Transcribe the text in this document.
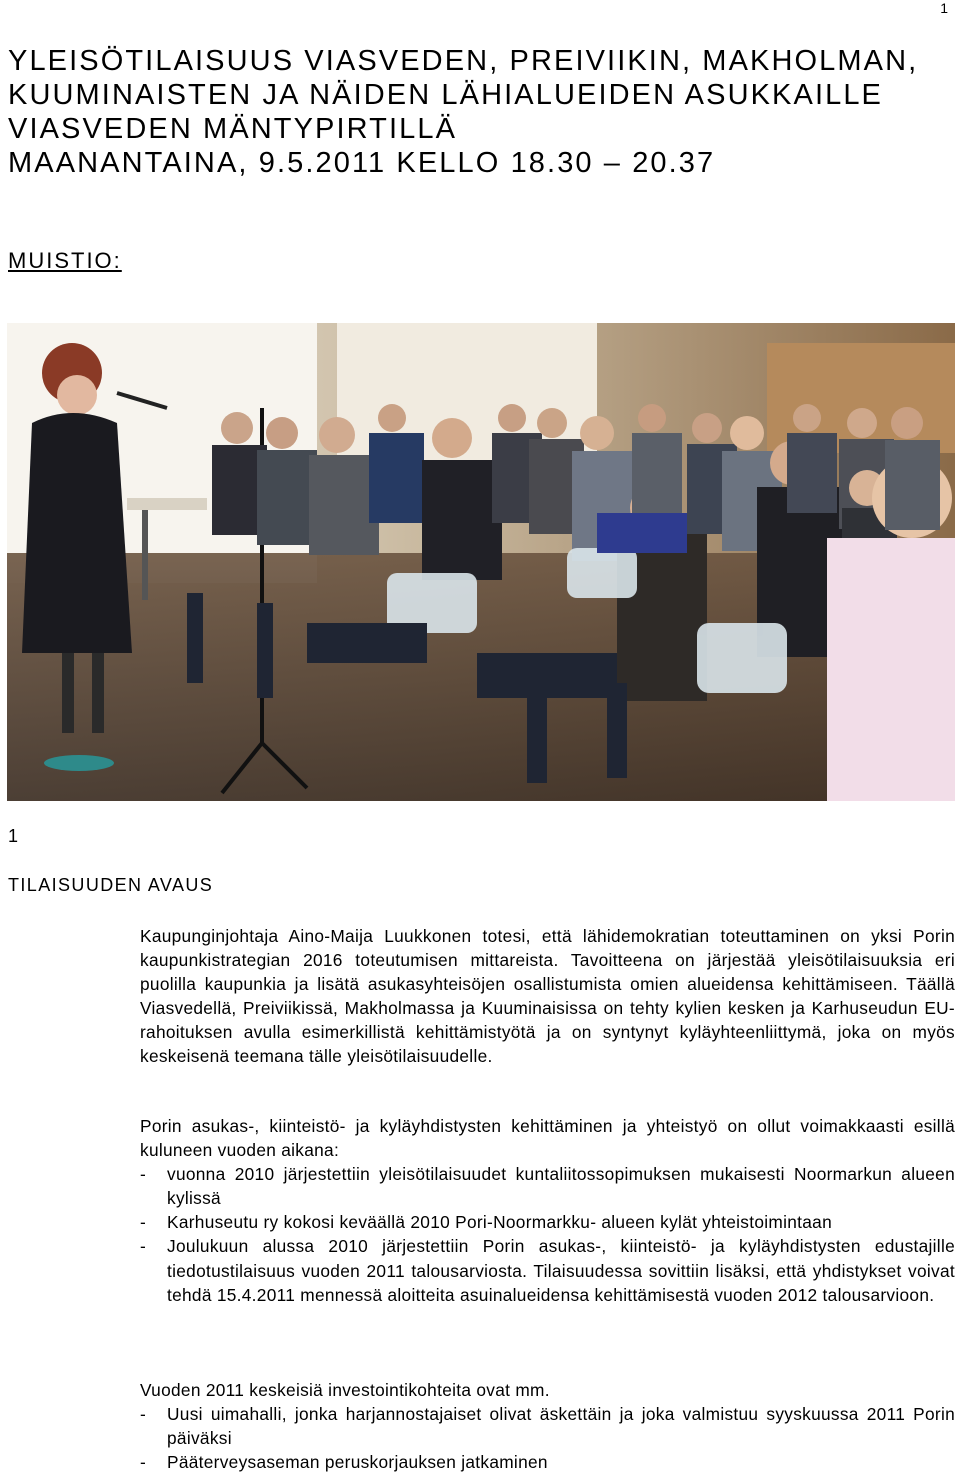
1
YLEISÖTILAISUUS VIASVEDEN, PREIVIIKIN, MAKHOLMAN,
KUUMINAISTEN JA NÄIDEN LÄHIALUEIDEN ASUKKAILLE
VIASVEDEN MÄNTYPIRTILLÄ
MAANANTAINA, 9.5.2011 KELLO 18.30 – 20.37
MUISTIO:
1
TILAISUUDEN AVAUS

Kaupunginjohtaja Aino-Maija Luukkonen totesi, että lähidemokratian toteuttaminen on yksi Porin kaupunkistrategian 2016 toteutumisen mittareista. Tavoitteena on järjestää yleisötilaisuuksia eri puolilla kaupunkia ja lisätä asukasyhteisöjen osallistumista omien alueidensa kehittämiseen. Täällä Viasvedellä, Preiviikissä, Makholmassa ja Kuuminaisissa on tehty kylien kesken ja Karhuseudun EU-rahoituksen avulla esimerkillistä kehittämistyötä ja on syntynyt kyläyhteenliittymä, joka on myös keskeisenä teemana tälle yleisötilaisuudelle.

Porin asukas-, kiinteistö- ja kyläyhdistysten kehittäminen ja yhteistyö on ollut voimakkaasti esillä kuluneen vuoden aikana:

- vuonna 2010 järjestettiin yleisötilaisuudet kuntaliitossopimuksen mukaisesti Noormarkun alueen kylissä
- Karhuseutu ry kokosi keväällä 2010 Pori-Noormarkku- alueen kylät yhteistoimintaan
- Joulukuun alussa 2010 järjestettiin Porin asukas-, kiinteistö- ja kyläyhdistysten edustajille tiedotustilaisuus vuoden 2011 talousarviosta. Tilaisuudessa sovittiin lisäksi, että yhdistykset voivat tehdä 15.4.2011 mennessä aloitteita asuinalueidensa kehittämisestä vuoden 2012 talousarvioon.

Vuoden 2011 keskeisiä investointikohteita ovat mm.

- Uusi uimahalli, jonka harjannostajaiset olivat äskettäin ja joka valmistuu syyskuussa 2011 Porin päiväksi
- Pääterveysaseman peruskorjauksen jatkaminen
